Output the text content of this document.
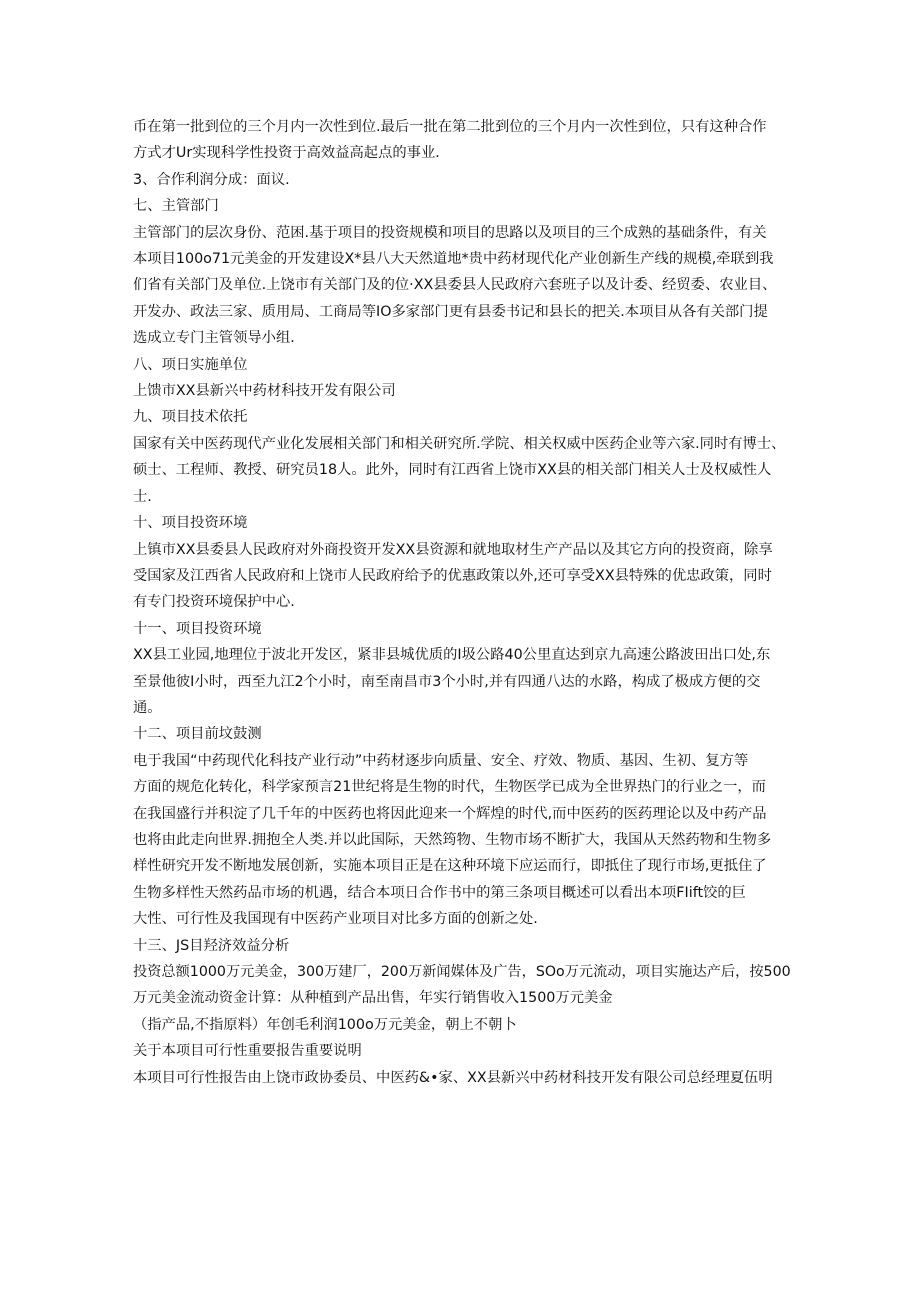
币在第一批到位的三个月内一次性到位.最后一批在第二批到位的三个月内一次性到位，只有这种合作
方式才Ur实现科学性投资于高效益高起点的事业.
3、合作利润分成：面议.
七、主管部门
主管部门的层次身份、范困.基于项目的投资规模和项目的思路以及项目的三个成熟的基础条件，有关
本项目100o71元美金的开发建设X*县八大天然道地*贵中药材现代化产业创新生产线的规模,牵联到我
们省有关部门及单位.上饶市有关部门及的位·XX县委县人民政府六套班子以及计委、经贸委、农业目、
开发办、政法三家、质用局、工商局等IO多家部门更有县委书记和县长的把关.本项目从各有关部门提
选成立专门主管领导小组.
八、项日实施单位
上馈市XX县新兴中药材科技开发有限公司
九、项目技术依托
国家有关中医药现代产业化发展相关部门和相关研究所.学院、相关权威中医药企业等六家.同时有博士、
硕士、工程师、教授、研究员18人。此外，同时有江西省上饶市XX县的相关部门相关人士及权威性人
士.
十、项目投资环境
上镇市XX县委县人民政府对外商投资开发XX县资源和就地取材生产产品以及其它方向的投资商，除享
受国家及江西省人民政府和上饶市人民政府给予的优惠政策以外,还可享受XX县特殊的优忠政策，同时
有专门投资环境保护中心.
十一、项目投资环境
XX县工业园,地理位于波北开发区，紧非县城优质的I圾公路40公里直达到京九高速公路波田出口处,东
至景他彼I小时，西至九江2个小时，南至南昌市3个小时,并有四通八达的水路，构成了极成方便的交
通。
十二、项目前坟鼓测
电于我国“中药现代化科技产业行动”中药材逐步向质量、安全、疗效、物质、基因、生初、复方等
方面的规危化转化，科学家预言21世纪将是生物的时代，生物医学已成为全世界热门的行业之一，而
在我国盛行并积淀了几千年的中医药也将因此迎来一个辉煌的时代,而中医药的医药理论以及中药产品
也将由此走向世界.拥抱全人类.并以此国际，天然筠物、生物市场不断扩大，我国从天然药物和生物多
样性研究开发不断地发展创新，实施本项目正是在这种环境下应运而行，即抵住了现行市场,更抵住了
生物多样性天然药品市场的机遇，结合本项日合作书中的第三条项目概述可以看出本项FIift饺的巨
大性、可行性及我国现有中医药产业项目对比多方面的创新之处.
十三、JS目羟济效益分析
投资总额1000万元美金，300万建厂，200万新闻媒体及广告，SOo万元流动，项目实施达产后，按500
万元美金流动资金计算：从种植到产品出售，年实行销售收入1500万元美金
（指产品,不指原料）年创毛利润100o万元美金，朝上不朝卜
关于本项目可行性重要报告重要说明
本项目可行性报告由上饶市政协委员、中医药&•家、XX县新兴中药材科技开发有限公司总经理夏伍明
